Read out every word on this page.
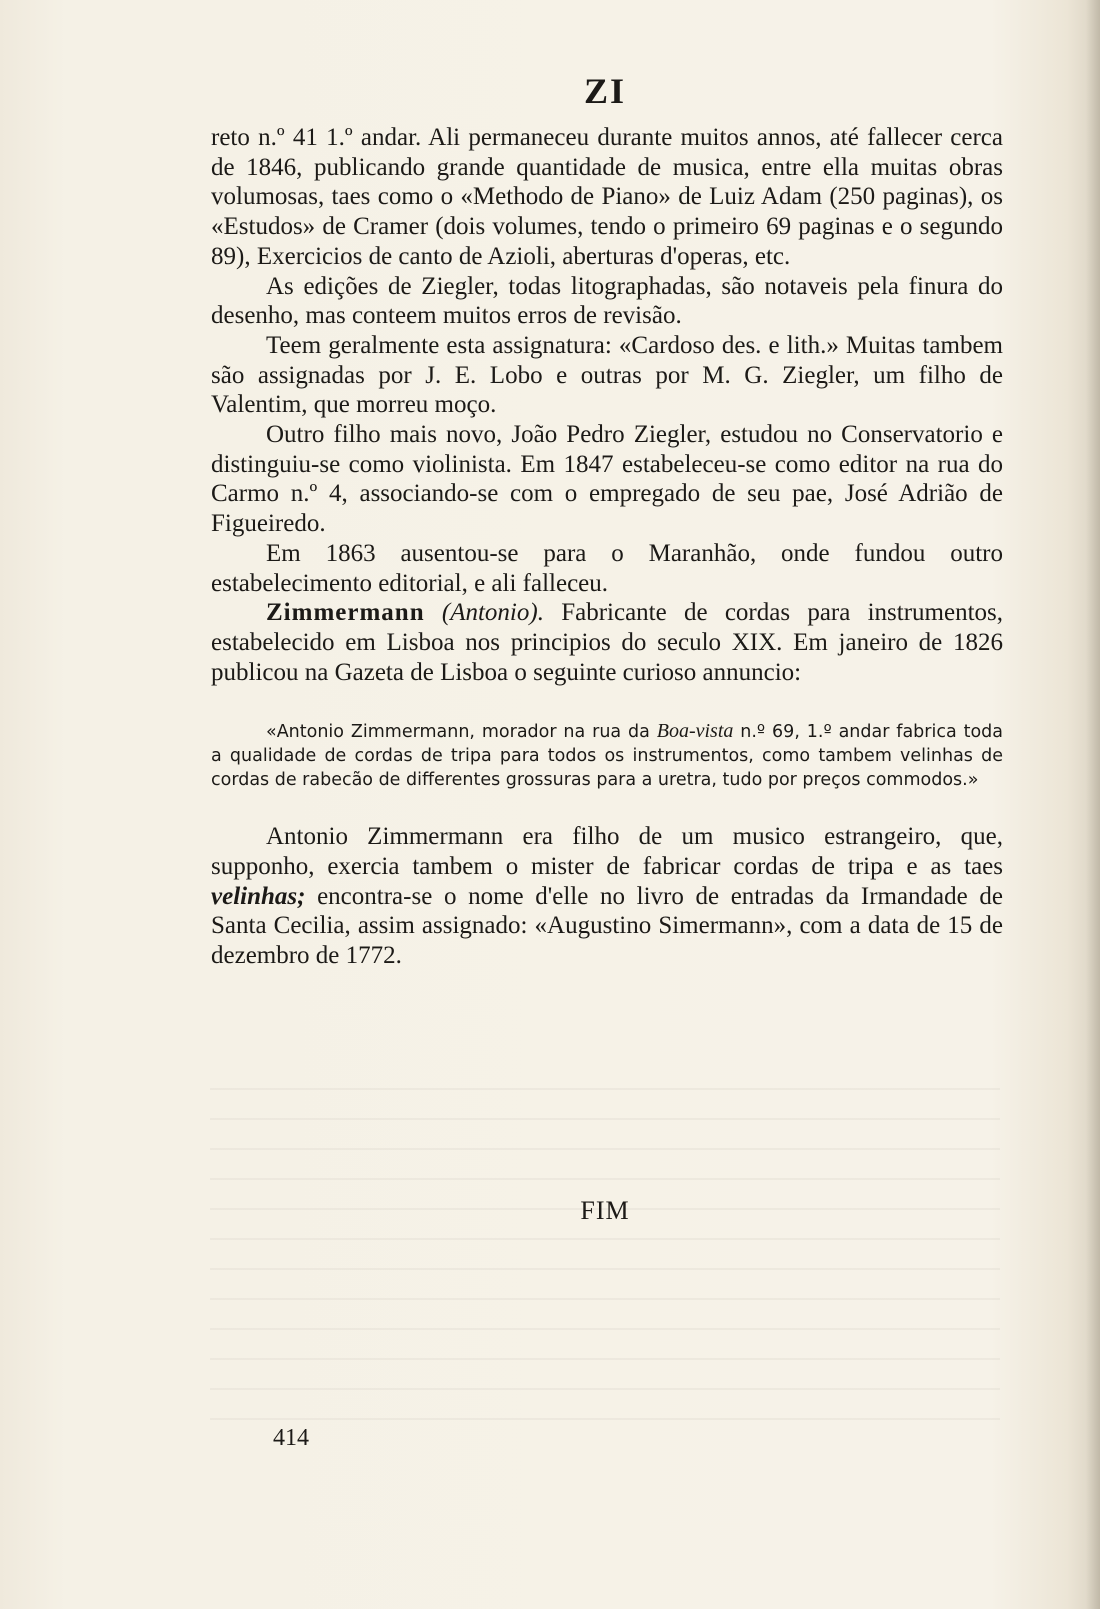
ZI

reto n.º 41 1.º andar. Ali permaneceu durante muitos annos, até fallecer cerca de 1846, publicando grande quantidade de musica, entre ella muitas obras volumosas, taes como o «Methodo de Piano» de Luiz Adam (250 paginas), os «Estudos» de Cramer (dois volumes, tendo o primeiro 69 paginas e o segundo 89), Exercicios de canto de Azioli, aberturas d'operas, etc.

As edições de Ziegler, todas litographadas, são notaveis pela finura do desenho, mas conteem muitos erros de revisão.

Teem geralmente esta assignatura: «Cardoso des. e lith.» Muitas tambem são assignadas por J. E. Lobo e outras por M. G. Ziegler, um filho de Valentim, que morreu moço.

Outro filho mais novo, João Pedro Ziegler, estudou no Conservatorio e distinguiu-se como violinista. Em 1847 estabeleceu-se como editor na rua do Carmo n.º 4, associando-se com o empregado de seu pae, José Adrião de Figueiredo.

Em 1863 ausentou-se para o Maranhão, onde fundou outro estabelecimento editorial, e ali falleceu.

Zimmermann (Antonio). Fabricante de cordas para instrumentos, estabelecido em Lisboa nos principios do seculo XIX. Em janeiro de 1826 publicou na Gazeta de Lisboa o seguinte curioso annuncio:

«Antonio Zimmermann, morador na rua da Boa-vista n.º 69, 1.º andar fabrica toda a qualidade de cordas de tripa para todos os instrumentos, como tambem velinhas de cordas de rabecão de differentes grossuras para a uretra, tudo por preços commodos.»

Antonio Zimmermann era filho de um musico estrangeiro, que, supponho, exercia tambem o mister de fabricar cordas de tripa e as taes velinhas; encontra-se o nome d'elle no livro de entradas da Irmandade de Santa Cecilia, assim assignado: «Augustino Simermann», com a data de 15 de dezembro de 1772.

FIM
414
